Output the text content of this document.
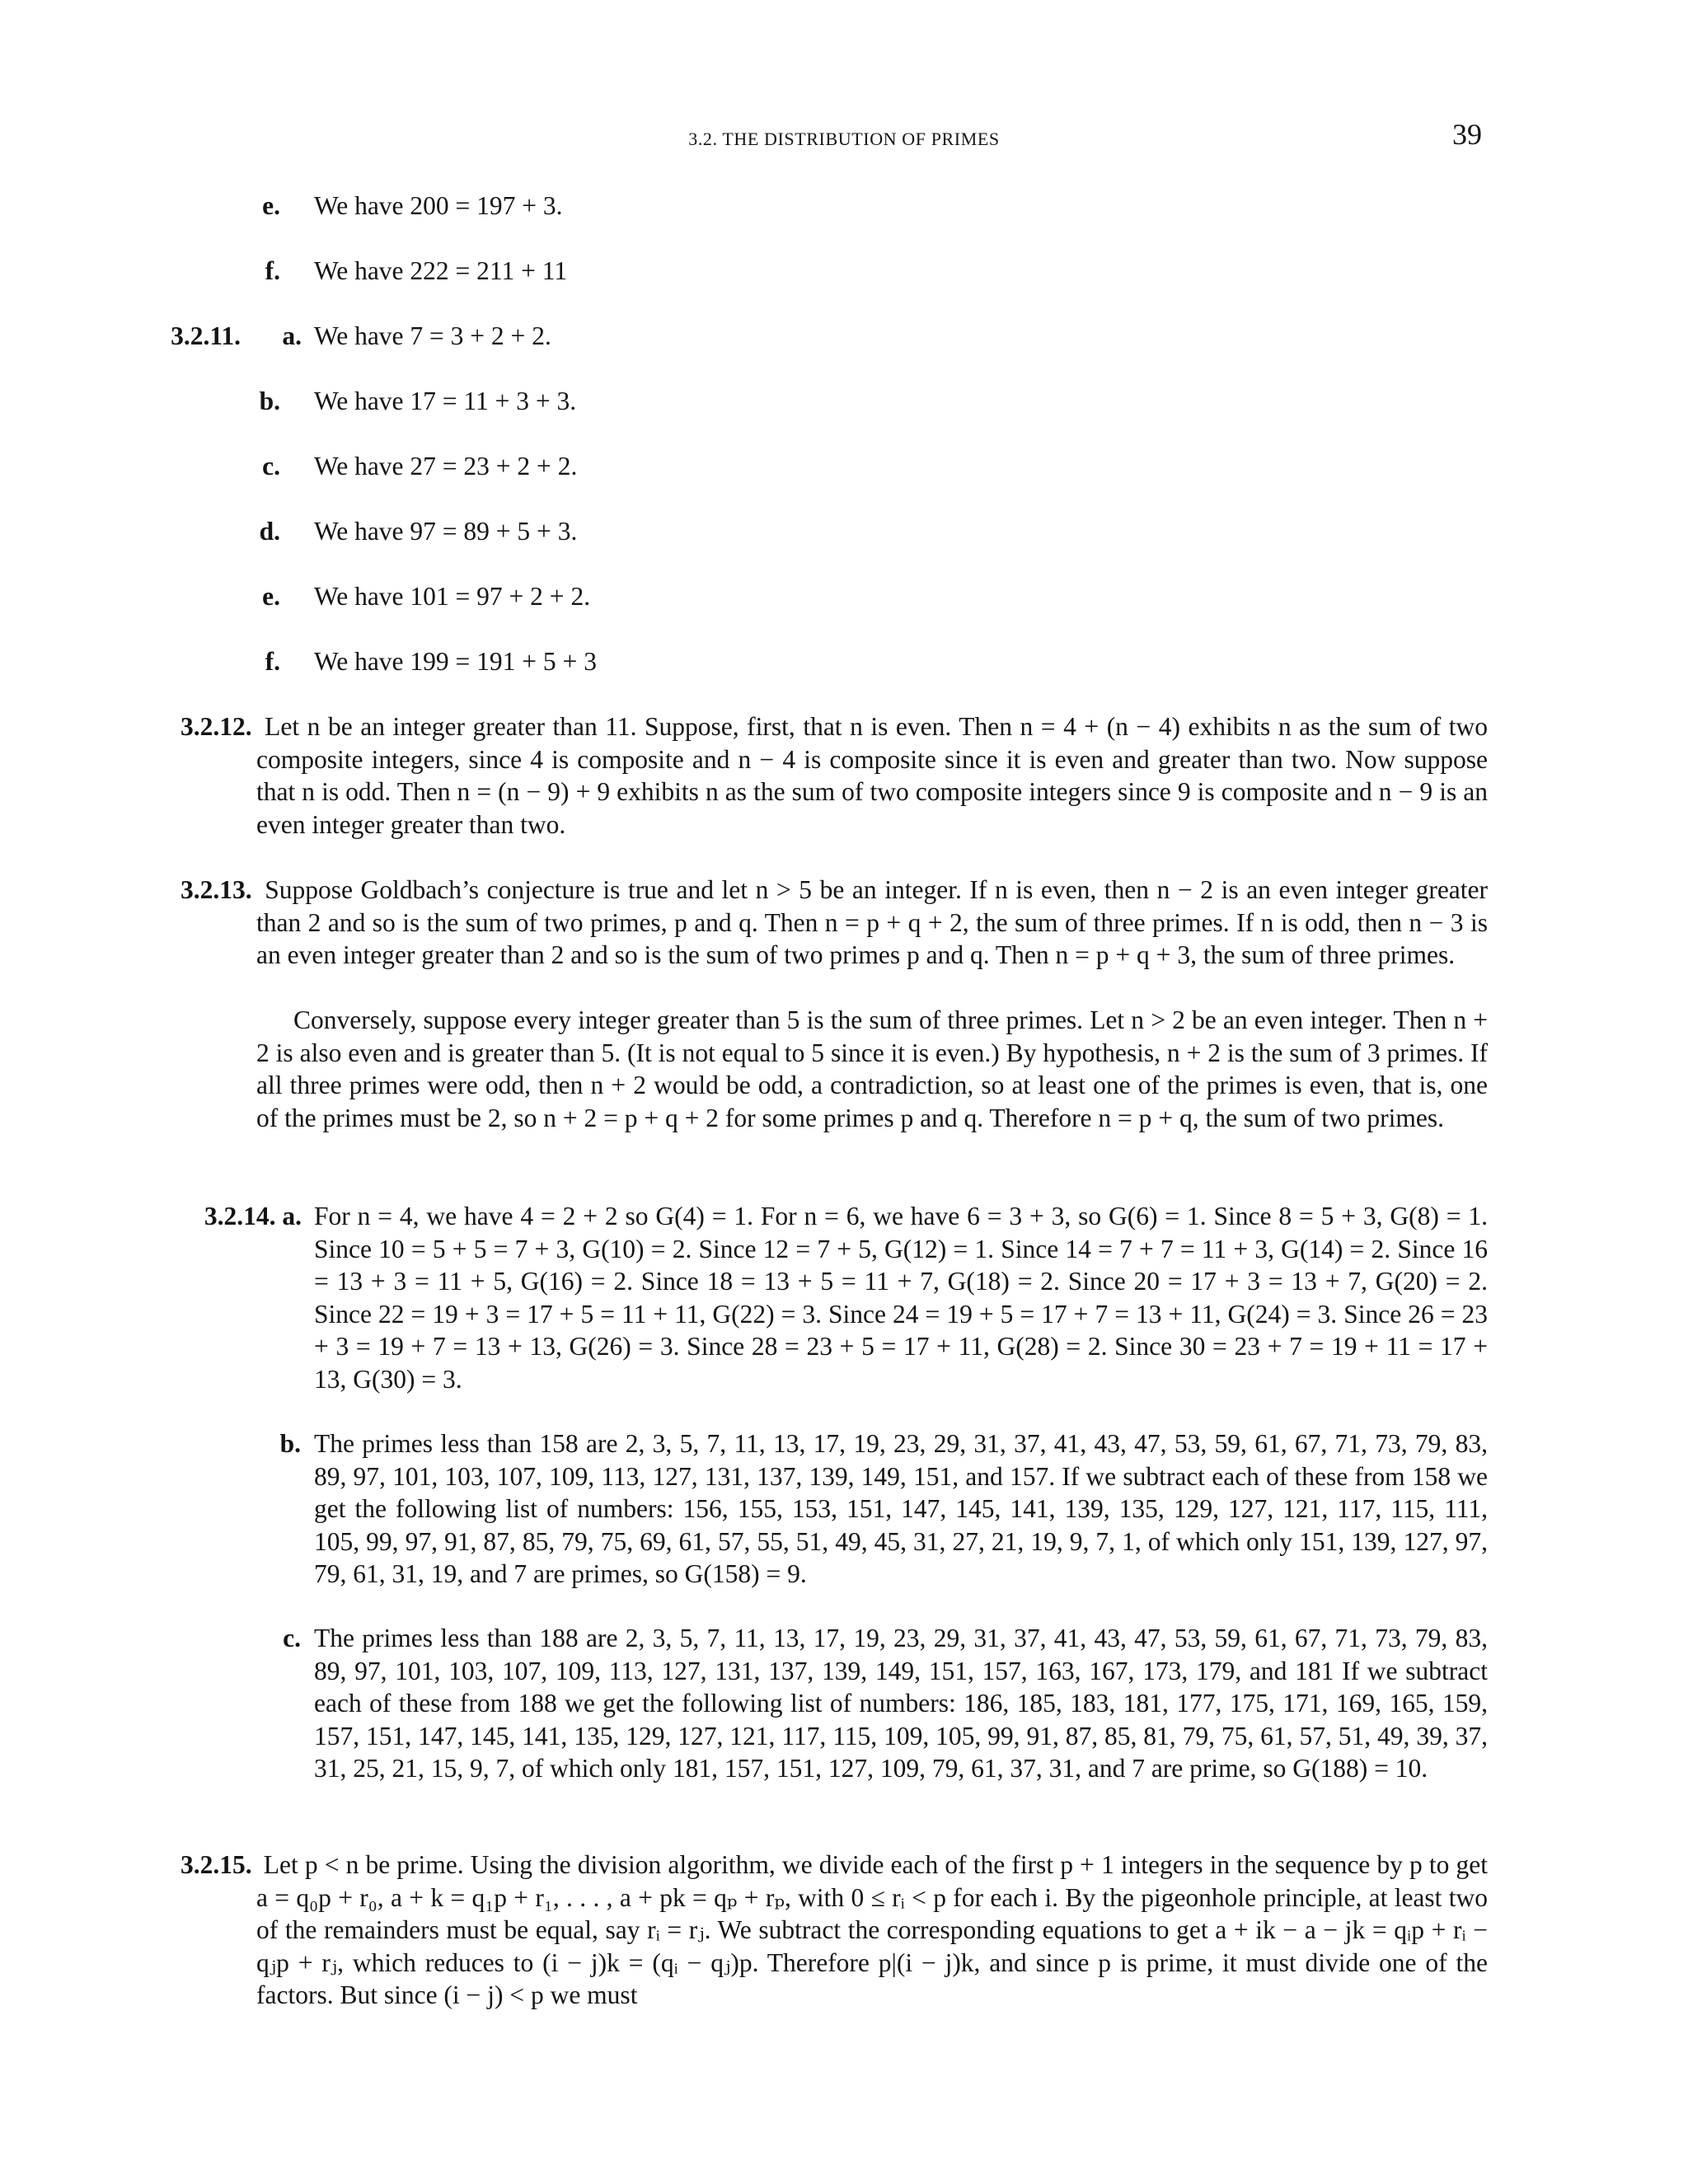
3.2. THE DISTRIBUTION OF PRIMES	39
e. We have 200 = 197 + 3.
f. We have 222 = 211 + 11
3.2.11.	a. We have 7 = 3 + 2 + 2.
b. We have 17 = 11 + 3 + 3.
c. We have 27 = 23 + 2 + 2.
d. We have 97 = 89 + 5 + 3.
e. We have 101 = 97 + 2 + 2.
f. We have 199 = 191 + 5 + 3
3.2.12. Let n be an integer greater than 11. Suppose, first, that n is even. Then n = 4 + (n − 4) exhibits n as the sum of two composite integers, since 4 is composite and n − 4 is composite since it is even and greater than two. Now suppose that n is odd. Then n = (n − 9) + 9 exhibits n as the sum of two composite integers since 9 is composite and n − 9 is an even integer greater than two.
3.2.13. Suppose Goldbach’s conjecture is true and let n > 5 be an integer. If n is even, then n − 2 is an even integer greater than 2 and so is the sum of two primes, p and q. Then n = p + q + 2, the sum of three primes. If n is odd, then n − 3 is an even integer greater than 2 and so is the sum of two primes p and q. Then n = p + q + 3, the sum of three primes.
Conversely, suppose every integer greater than 5 is the sum of three primes. Let n > 2 be an even integer. Then n + 2 is also even and is greater than 5. (It is not equal to 5 since it is even.) By hypothesis, n + 2 is the sum of 3 primes. If all three primes were odd, then n + 2 would be odd, a contradiction, so at least one of the primes is even, that is, one of the primes must be 2, so n + 2 = p + q + 2 for some primes p and q. Therefore n = p + q, the sum of two primes.
3.2.14. a. For n = 4, we have 4 = 2 + 2 so G(4) = 1. For n = 6, we have 6 = 3 + 3, so G(6) = 1. Since 8 = 5 + 3, G(8) = 1. Since 10 = 5 + 5 = 7 + 3, G(10) = 2. Since 12 = 7 + 5, G(12) = 1. Since 14 = 7 + 7 = 11 + 3, G(14) = 2. Since 16 = 13 + 3 = 11 + 5, G(16) = 2. Since 18 = 13 + 5 = 11 + 7, G(18) = 2. Since 20 = 17 + 3 = 13 + 7, G(20) = 2. Since 22 = 19 + 3 = 17 + 5 = 11 + 11, G(22) = 3. Since 24 = 19 + 5 = 17 + 7 = 13 + 11, G(24) = 3. Since 26 = 23 + 3 = 19 + 7 = 13 + 13, G(26) = 3. Since 28 = 23 + 5 = 17 + 11, G(28) = 2. Since 30 = 23 + 7 = 19 + 11 = 17 + 13, G(30) = 3.
b. The primes less than 158 are 2, 3, 5, 7, 11, 13, 17, 19, 23, 29, 31, 37, 41, 43, 47, 53, 59, 61, 67, 71, 73, 79, 83, 89, 97, 101, 103, 107, 109, 113, 127, 131, 137, 139, 149, 151, and 157. If we subtract each of these from 158 we get the following list of numbers: 156, 155, 153, 151, 147, 145, 141, 139, 135, 129, 127, 121, 117, 115, 111, 105, 99, 97, 91, 87, 85, 79, 75, 69, 61, 57, 55, 51, 49, 45, 31, 27, 21, 19, 9, 7, 1, of which only 151, 139, 127, 97, 79, 61, 31, 19, and 7 are primes, so G(158) = 9.
c. The primes less than 188 are 2, 3, 5, 7, 11, 13, 17, 19, 23, 29, 31, 37, 41, 43, 47, 53, 59, 61, 67, 71, 73, 79, 83, 89, 97, 101, 103, 107, 109, 113, 127, 131, 137, 139, 149, 151, 157, 163, 167, 173, 179, and 181 If we subtract each of these from 188 we get the following list of numbers: 186, 185, 183, 181, 177, 175, 171, 169, 165, 159, 157, 151, 147, 145, 141, 135, 129, 127, 121, 117, 115, 109, 105, 99, 91, 87, 85, 81, 79, 75, 61, 57, 51, 49, 39, 37, 31, 25, 21, 15, 9, 7, of which only 181, 157, 151, 127, 109, 79, 61, 37, 31, and 7 are prime, so G(188) = 10.
3.2.15. Let p < n be prime. Using the division algorithm, we divide each of the first p + 1 integers in the sequence by p to get a = q₀p + r₀, a + k = q₁p + r₁, . . . , a + pk = qₚ + rₚ, with 0 ≤ rᵢ < p for each i. By the pigeonhole principle, at least two of the remainders must be equal, say rᵢ = rⱼ. We subtract the corresponding equations to get a + ik − a − jk = qᵢp + rᵢ − qⱼp + rⱼ, which reduces to (i − j)k = (qᵢ − qⱼ)p. Therefore p|(i − j)k, and since p is prime, it must divide one of the factors. But since (i − j) < p we must
